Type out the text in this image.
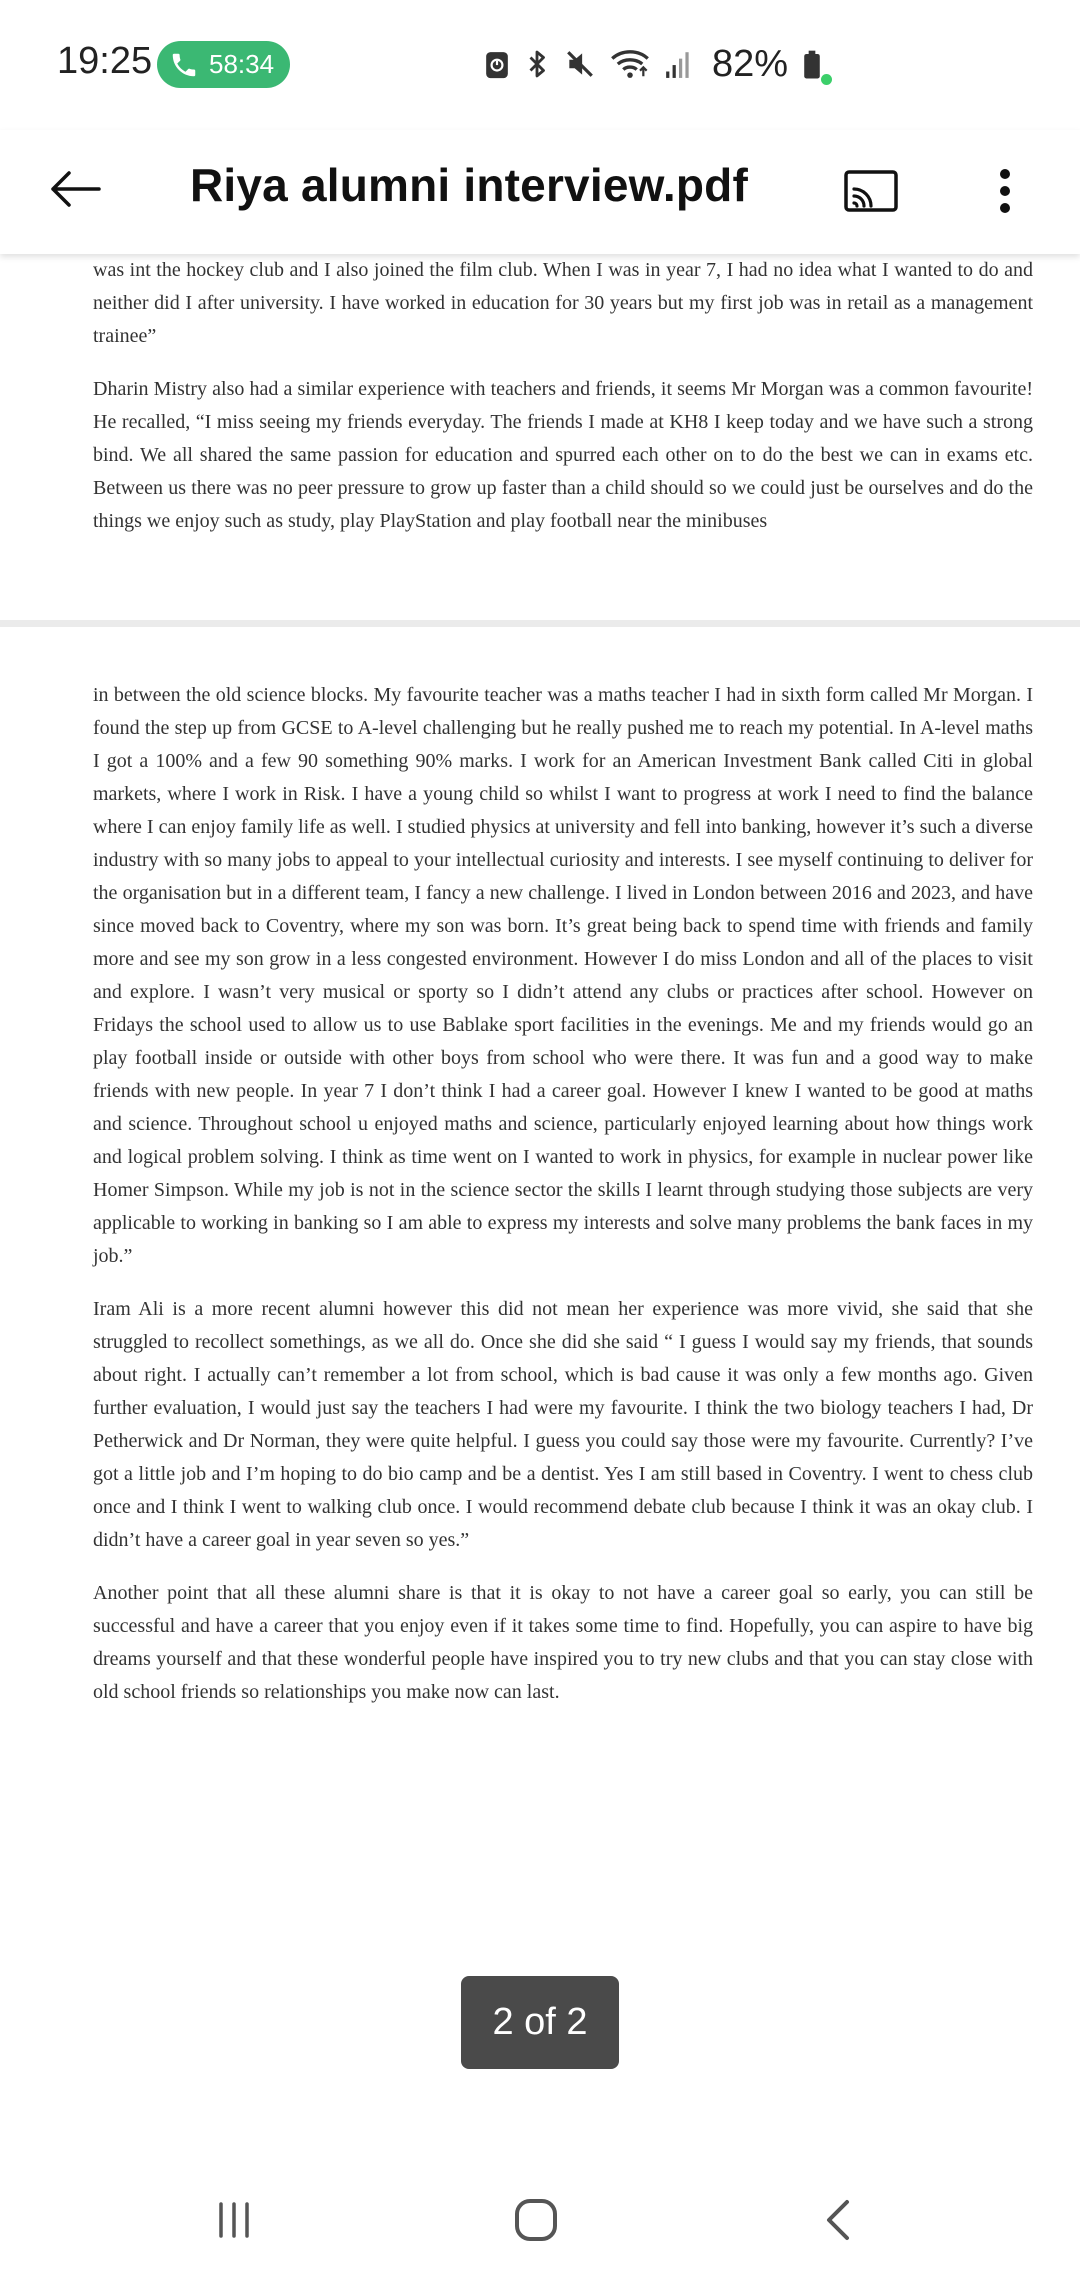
19:25 58:34	82%
Riya alumni interview.pdf

was int the hockey club and I also joined the film club. When I was in year 7, I had no idea what I wanted to do and neither did I after university. I have worked in education for 30 years but my first job was in retail as a management trainee”

Dharin Mistry also had a similar experience with teachers and friends, it seems Mr Morgan was a common favourite! He recalled, “I miss seeing my friends everyday. The friends I made at KH8 I keep today and we have such a strong bind. We all shared the same passion for education and spurred each other on to do the best we can in exams etc. Between us there was no peer pressure to grow up faster than a child should so we could just be ourselves and do the things we enjoy such as study, play PlayStation and play football near the minibuses

in between the old science blocks. My favourite teacher was a maths teacher I had in sixth form called Mr Morgan. I found the step up from GCSE to A-level challenging but he really pushed me to reach my potential. In A-level maths I got a 100% and a few 90 something 90% marks. I work for an American Investment Bank called Citi in global markets, where I work in Risk. I have a young child so whilst I want to progress at work I need to find the balance where I can enjoy family life as well. I studied physics at university and fell into banking, however it’s such a diverse industry with so many jobs to appeal to your intellectual curiosity and interests. I see myself continuing to deliver for the organisation but in a different team, I fancy a new challenge. I lived in London between 2016 and 2023, and have since moved back to Coventry, where my son was born. It’s great being back to spend time with friends and family more and see my son grow in a less congested environment. However I do miss London and all of the places to visit and explore. I wasn’t very musical or sporty so I didn’t attend any clubs or practices after school. However on Fridays the school used to allow us to use Bablake sport facilities in the evenings. Me and my friends would go an play football inside or outside with other boys from school who were there. It was fun and a good way to make friends with new people. In year 7 I don’t think I had a career goal. However I knew I wanted to be good at maths and science. Throughout school u enjoyed maths and science, particularly enjoyed learning about how things work and logical problem solving. I think as time went on I wanted to work in physics, for example in nuclear power like Homer Simpson. While my job is not in the science sector the skills I learnt through studying those subjects are very applicable to working in banking so I am able to express my interests and solve many problems the bank faces in my job.”

Iram Ali is a more recent alumni however this did not mean her experience was more vivid, she said that she struggled to recollect somethings, as we all do. Once she did she said “ I guess I would say my friends, that sounds about right. I actually can’t remember a lot from school, which is bad cause it was only a few months ago. Given further evaluation, I would just say the teachers I had were my favourite. I think the two biology teachers I had, Dr Petherwick and Dr Norman, they were quite helpful. I guess you could say those were my favourite. Currently? I’ve got a little job and I’m hoping to do bio camp and be a dentist. Yes I am still based in Coventry. I went to chess club once and I think I went to walking club once. I would recommend debate club because I think it was an okay club. I didn’t have a career goal in year seven so yes.”

Another point that all these alumni share is that it is okay to not have a career goal so early, you can still be successful and have a career that you enjoy even if it takes some time to find. Hopefully, you can aspire to have big dreams yourself and that these wonderful people have inspired you to try new clubs and that you can stay close with old school friends so relationships you make now can last.

2 of 2
